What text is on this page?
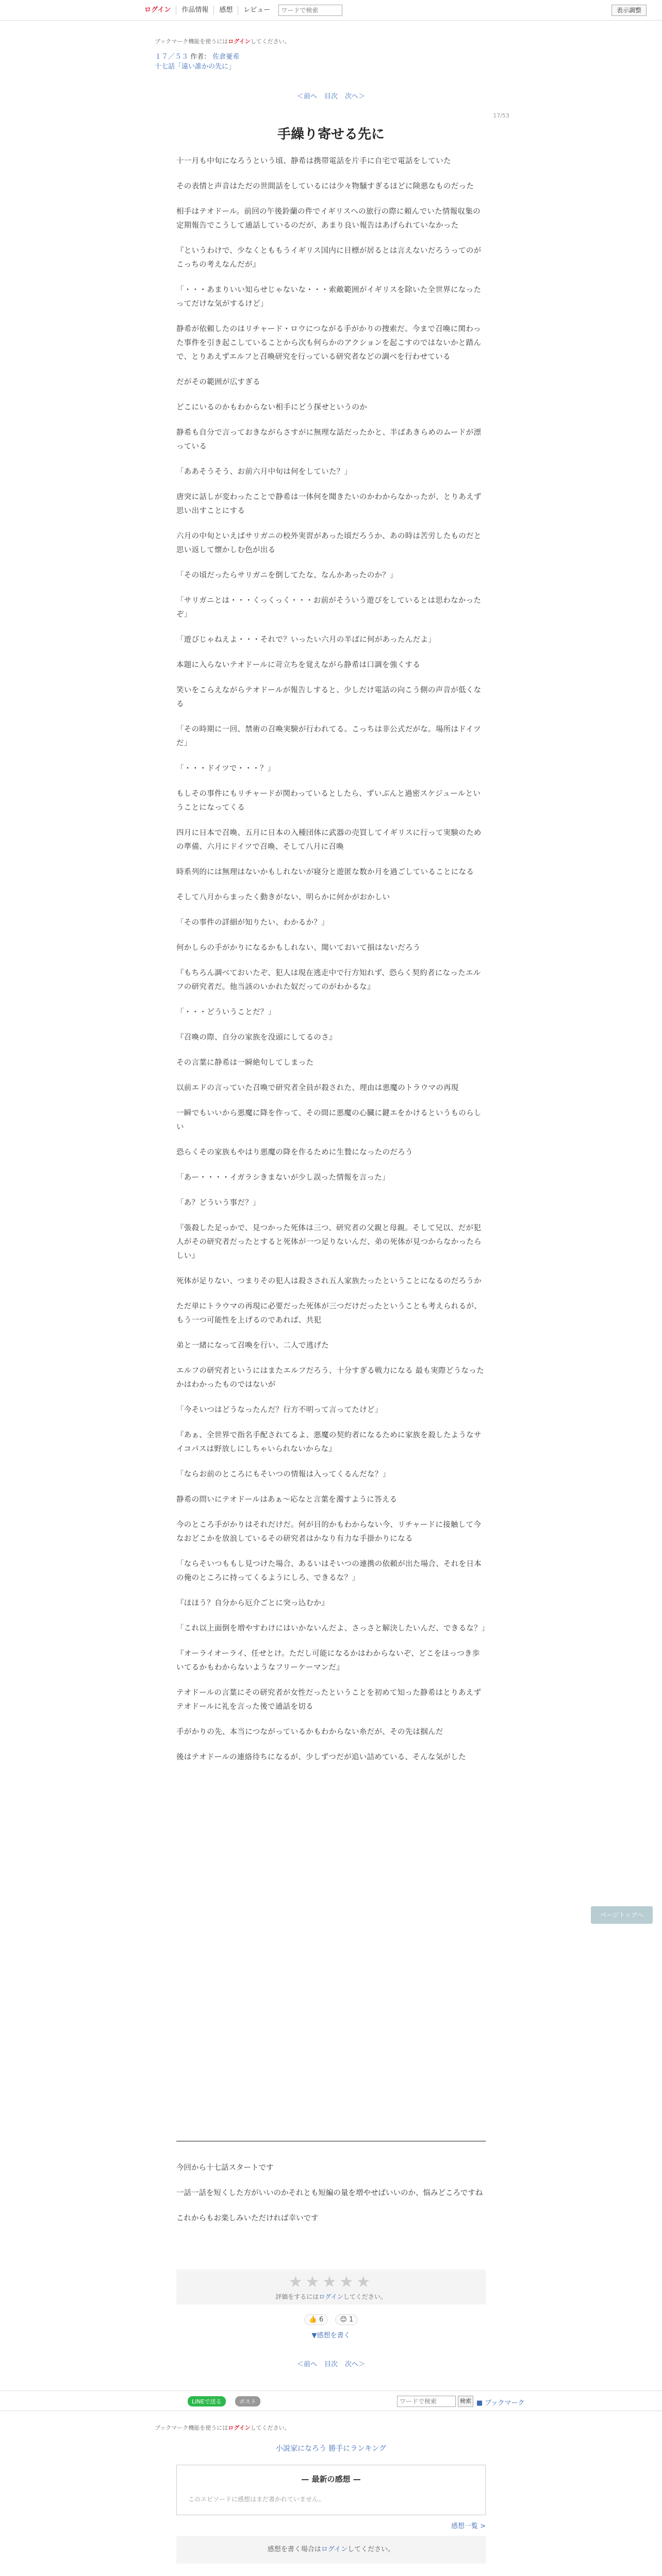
ログイン	作品情報	感想	レビュー
ワードで検索	表示調整
ブックマーク機能を使うにはログインしてください。
１７／５３ 作者： 佐倉憂希
十七話「遠い誰かの先に」
＜前へ 目次 次へ＞
17/53
手繰り寄せる先に

十一月も中旬になろうという頃、静希は携帯電話を片手に自宅で電話をしていた

その表情と声音はただの世間話をしているには少々物騒すぎるほどに険悪なものだった

相手はテオドール。前回の午後鈴蘭の件でイギリスへの旅行の際に頼んでいた情報収集の定期報告でこうして通話しているのだが、あまり良い報告はあげられていなかった

『というわけで、少なくとももうイギリス国内に目標が居るとは言えないだろうってのがこっちの考えなんだが』

「・・・あまりいい知らせじゃないな・・・索敵範囲がイギリスを除いた全世界になったってだけな気がするけど」

静希が依頼したのはリチャード・ロウにつながる手がかりの捜索だ。今まで召喚に関わった事件を引き起こしていることから次も何らかのアクションを起こすのではないかと踏んで、とりあえずエルフと召喚研究を行っている研究者などの調べを行わせている

だがその範囲が広すぎる

どこにいるのかもわからない相手にどう探せというのか

静希も自分で言っておきながらさすがに無理な話だったかと、半ばあきらめのムードが漂っている

「ああそうそう、お前六月中旬は何をしていた？」

唐突に話しが変わったことで静希は一体何を聞きたいのかわからなかったが、とりあえず思い出すことにする

六月の中旬といえばサリガニの校外実習があった頃だろうか、あの時は苦労したものだと思い返して懐かしむ色が出る

「その頃だったらサリガニを倒してたな、なんかあったのか？」

「サリガニとは・・・くっくっく・・・お前がそういう遊びをしているとは思わなかったぞ」

「遊びじゃねえよ・・・それで？いったい六月の半ばに何があったんだよ」

本題に入らないテオドールに苛立ちを覚えながら静希は口調を強くする

笑いをこらえながらテオドールが報告しすると、少しだけ電話の向こう側の声音が低くなる

「その時期に一回、禁術の召喚実験が行われてる。こっちは非公式だがな。場所はドイツだ」

「・・・ドイツで・・・？」

もしその事件にもリチャードが関わっているとしたら、ずいぶんと過密スケジュールということになってくる

四月に日本で召喚、五月に日本の入種団体に武器の売買してイギリスに行って実験のための準備、六月にドイツで召喚、そして八月に召喚

時系列的には無理はないかもしれないが寝分と遊匿な数か月を過ごしていることになる

そして八月からまったく動きがない、明らかに何かがおかしい

「その事件の詳細が知りたい、わかるか？」

何かしらの手がかりになるかもしれない、聞いておいて損はないだろう

『もちろん調べておいたぞ、犯人は現在逃走中で行方知れず、恐らく契約者になったエルフの研究者だ。他当該のいかれた奴だってのがわかるな』

「・・・どういうことだ？」

『召喚の際、自分の家族を没頭にしてるのさ』

その言葉に静希は一瞬絶句してしまった

以前エドの言っていた召喚で研究者全員が殺された、理由は悪魔のトラウマの再現

一瞬でもいいから悪魔に降を作って、その間に悪魔の心臓に鍵エをかけるというものらしい

恐らくその家族もやはり悪魔の降を作るために生贄になったのだろう

「あー・・・・イガラシきまないが少し誤った情報を言った」

「あ？どういう事だ？」

『張殺した足っかで、見つかった死体は三つ、研究者の父親と母親。そして兄以、だが犯人がその研究者だったとすると死体が一つ足りないんだ、弟の死体が見つからなかったらしい』

死体が足りない、つまりその犯人は殺さされ五人家族たったということになるのだろうか

ただ単にトラウマの再現に必要だった死体が三つだけだったということも考えられるが、もう一つ可能性を上げるのであれば、共犯

弟と一緒になって召喚を行い、二人で逃げた

エルフの研究者というにはまたエルフだろう、十分すぎる戦力になる 最も実際どうなったかはわかったものではないが

「今そいつはどうなったんだ？行方不明って言ってたけど」

『あぁ、全世界で指名手配されてるよ、悪魔の契約者になるために家族を殺したようなサイコパスは野放しにしちゃいられないからな』

「ならお前のところにもそいつの情報は入ってくるんだな？」

静希の問いにテオドールはあぁ～応なと言葉を濁すように答える

今のところ手がかりはそれだけだ。何が目的かもわからない今、リチャードに接触して今なおどこかを放浪しているその研究者はかなり有力な手掛かりになる

「ならそいつももし見つけた場合、あるいはそいつの連携の依頼が出た場合、それを日本の俺のところに持ってくるようにしろ、できるな？」

『ほほう？自分から厄介ごとに突っ込むか』

「これ以上面倒を増やすわけにはいかないんだよ、さっさと解決したいんだ、できるな？」

『オーライオーライ、任せとけ。ただし可能になるかはわからないぞ、どこをほっつき歩いてるかもわからないようなフリーケーマンだ』

テオドールの言葉にその研究者が女性だったということを初めて知った静希はとりあえずテオドールに礼を言った後で通話を切る

手がかりの先、本当につながっているかもわからない糸だが、その先は掴んだ

後はテオドールの連絡待ちになるが、少しずつだが追い詰めている、そんな気がした

今回から十七話スタートです

一話一話を短くした方がいいのかそれとも短編の量を増やせばいいのか、悩みどころですね

これからもお楽しみいただければ幸いです

★★★★★
評価をするにはログインしてください。
👍 6	😊 1
▼感想を書く
＜前へ 目次 次へ＞
LINEで送る	ポスト
ワードで検索	検索 ■ ブックマーク
ブックマーク機能を使うにはログインしてください。
小説家になろう 勝手にランキング
— 最新の感想 —
このエピソードに感想はまだ書かれていません。
感想一覧 >
感想を書く場合はログインしてください。
ページトップへ
